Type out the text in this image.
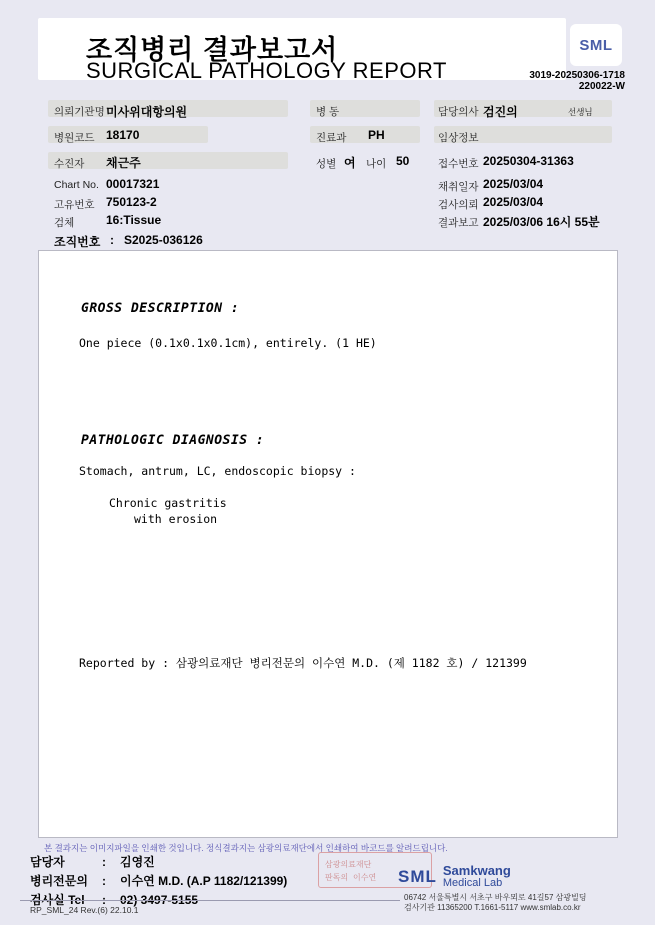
조직병리 결과보고서
SURGICAL PATHOLOGY REPORT
SML
3019-20250306-1718
220022-W
의뢰기관명 미사위대항의원	병 동	담당의사 검진의	선생님
병원코드 18170	진료과 PH	임상정보
수진자 채근주	성별 여 나이 50	접수번호 20250304-31363
Chart No. 00017321	채취일자 2025/03/04
고유번호 750123-2	검사의뢰 2025/03/04
검체	16:Tissue	결과보고 2025/03/06 16시 55분
조직번호 : S2025-036126

GROSS DESCRIPTION :
One piece (0.1x0.1x0.1cm), entirely. (1 HE)
PATHOLOGIC DIAGNOSIS :
Stomach, antrum, LC, endoscopic biopsy :
Chronic gastritis
with erosion
Reported by : 삼광의료재단 병리전문의 이수연 M.D. (제 1182 호) / 121399
본 결과지는 이미지파일을 인쇄한 것입니다. 정식결과지는 삼광의료재단에서 인쇄하여 바코드를 알려드립니다.
담당자	: 김영진
병리전문의 : 이수연 M.D. (A.P 1182/121399)
검사실 Tel : 02) 3497-5155
삼광의료재단
판독의 이수연 SML Samkwang
Medical Lab
06742 서울특별시 서초구 바우뫼로 41길57 삼광빌딩
검사기관 11365200 T.1661-5117 www.smlab.co.kr
RP_SML_24 Rev.(6) 22.10.1
